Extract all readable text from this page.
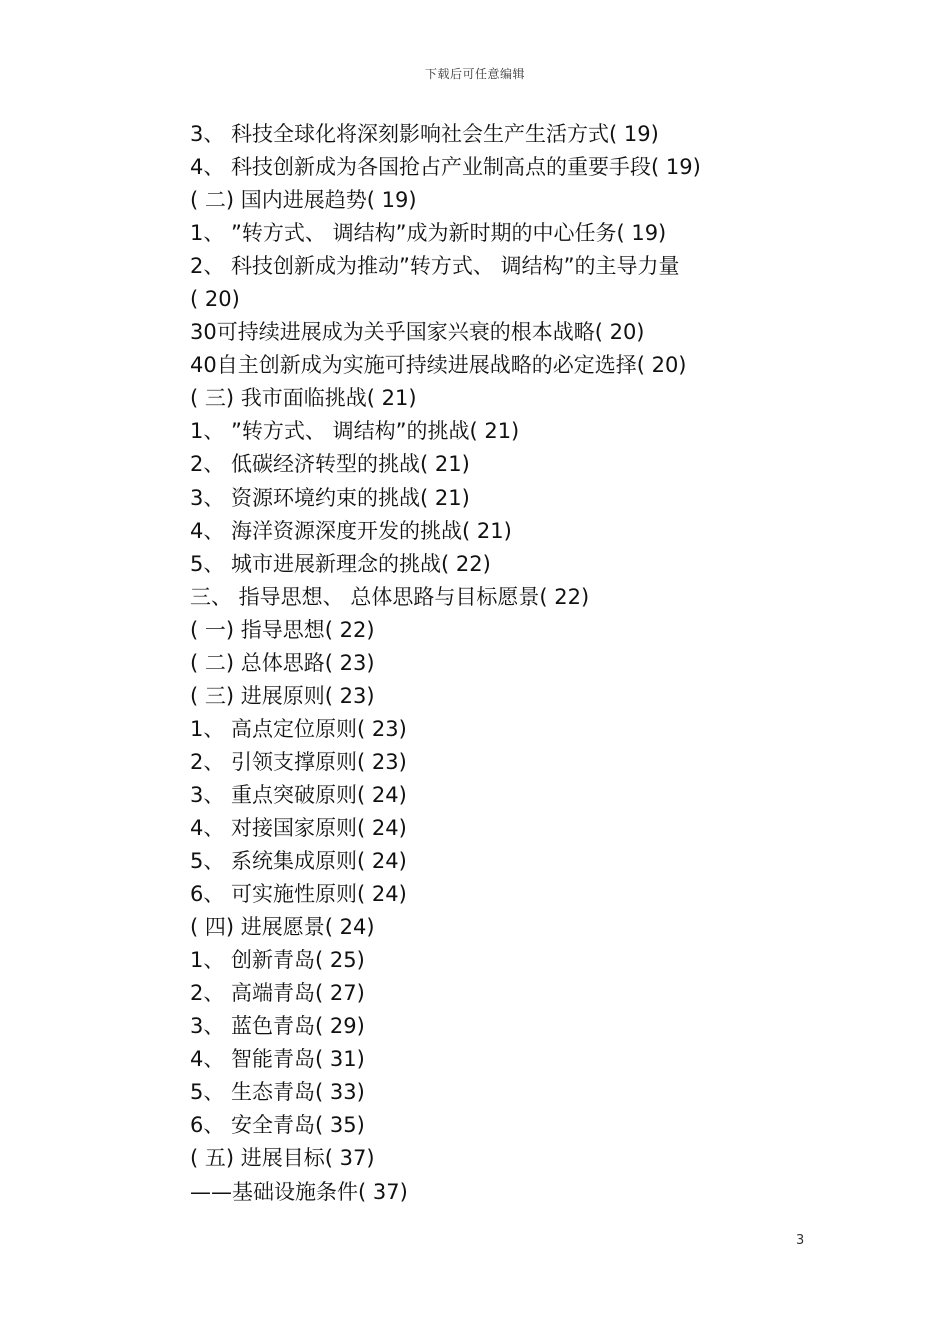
下载后可任意编辑
3、 科技全球化将深刻影响社会生产生活方式( 19)
4、 科技创新成为各国抢占产业制高点的重要手段( 19)
( 二) 国内进展趋势( 19)
1、 ”转方式、 调结构”成为新时期的中心任务( 19)
2、 科技创新成为推动”转方式、 调结构”的主导力量
( 20)
30可持续进展成为关乎国家兴衰的根本战略( 20)
40自主创新成为实施可持续进展战略的必定选择( 20)
( 三) 我市面临挑战( 21)
1、 ”转方式、 调结构”的挑战( 21)
2、 低碳经济转型的挑战( 21)
3、 资源环境约束的挑战( 21)
4、 海洋资源深度开发的挑战( 21)
5、 城市进展新理念的挑战( 22)
三、 指导思想、 总体思路与目标愿景( 22)
( 一) 指导思想( 22)
( 二) 总体思路( 23)
( 三) 进展原则( 23)
1、 高点定位原则( 23)
2、 引领支撑原则( 23)
3、 重点突破原则( 24)
4、 对接国家原则( 24)
5、 系统集成原则( 24)
6、 可实施性原则( 24)
( 四) 进展愿景( 24)
1、 创新青岛( 25)
2、 高端青岛( 27)
3、 蓝色青岛( 29)
4、 智能青岛( 31)
5、 生态青岛( 33)
6、 安全青岛( 35)
( 五) 进展目标( 37)
——基础设施条件( 37)
3
